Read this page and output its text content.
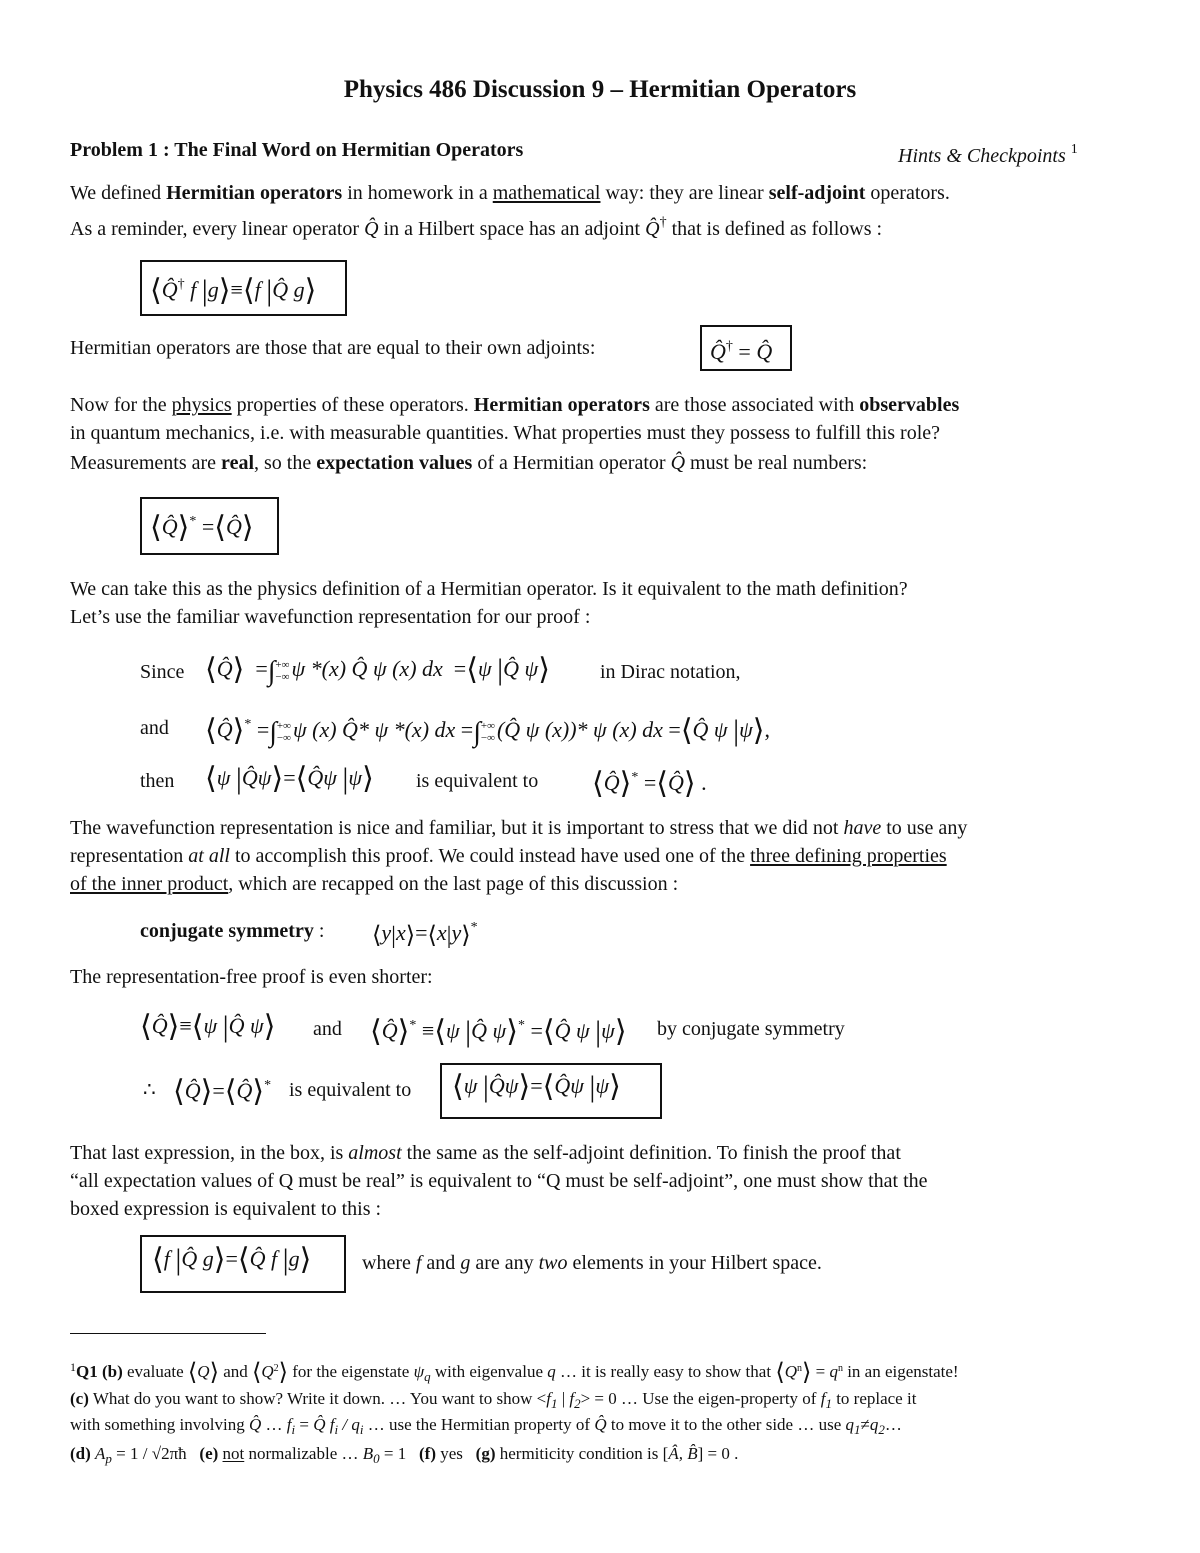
Physics 486 Discussion 9 – Hermitian Operators
Problem 1 : The Final Word on Hermitian Operators	Hints & Checkpoints $^1$
We defined Hermitian operators in homework in a mathematical way: they are linear self-adjoint operators.
As a reminder, every linear operator Q̂ in a Hilbert space has an adjoint Q̂† that is defined as follows :
⟨Q̂† f |g⟩≡⟨f |Q̂ g⟩
Hermitian operators are those that are equal to their own adjoints:	Q̂† = Q̂
Now for the physics properties of these operators. Hermitian operators are those associated with observables
in quantum mechanics, i.e. with measurable quantities. What properties must they possess to fulfill this role?
Measurements are real, so the expectation values of a Hermitian operator Q̂ must be real numbers:
⟨Q̂⟩* =⟨Q̂⟩
We can take this as the physics definition of a Hermitian operator. Is it equivalent to the math definition?
Let’s use the familiar wavefunction representation for our proof :
Since ⟨Q̂⟩ =∫+∞
−∞ψ *(x) Q̂ ψ (x) dx  =⟨ψ |Q̂ ψ⟩	in Dirac notation,
and ⟨Q̂⟩* =∫+∞
−∞ψ (x) Q̂* ψ *(x) dx =∫+∞
−∞(Q̂ ψ (x))* ψ (x) dx =⟨Q̂ ψ |ψ⟩,
then ⟨ψ |Q̂ψ⟩=⟨Q̂ψ |ψ⟩ is equivalent to ⟨Q̂⟩* =⟨Q̂⟩ .
The wavefunction representation is nice and familiar, but it is important to stress that we did not have to use any
representation at all to accomplish this proof. We could instead have used one of the three defining properties
of the inner product, which are recapped on the last page of this discussion :
conjugate symmetry : ⟨y|x⟩=⟨x|y⟩*
The representation-free proof is even shorter:
⟨Q̂⟩≡⟨ψ |Q̂ ψ⟩ and ⟨Q̂⟩* ≡⟨ψ |Q̂ ψ⟩* =⟨Q̂ ψ |ψ⟩ by conjugate symmetry
∴ ⟨Q̂⟩=⟨Q̂⟩* is equivalent to ⟨ψ |Q̂ψ⟩=⟨Q̂ψ |ψ⟩
That last expression, in the box, is almost the same as the self-adjoint definition. To finish the proof that
“all expectation values of Q must be real” is equivalent to “Q must be self-adjoint”, one must show that the
boxed expression is equivalent to this :
⟨f |Q̂ g⟩=⟨Q̂ f |g⟩	where f and g are any two elements in your Hilbert space.
$^1$Q1 (b) evaluate ⟨Q⟩ and $⟨Q^2⟩$ for the eigenstate $\psi_q$ with eigenvalue q … it is really easy to show that $⟨Q^n⟩ = q^n$ in an eigenstate!
(c) What do you want to show? Write it down. … You want to show $<f_1$ | $f_2> = 0$ … Use the eigen-property of $f_1$ to replace it
with something involving Q̂ … $f_i$ = Q̂ $f_i / q_i$ … use the Hermitian property of Q̂ to move it to the other side … use $q_1\ne q_2\dots$
(d) $A_p = 1$ / √2πħ (e) not normalizable … $B_0 = 1$ (f) yes (g) hermiticity condition is [Â, B̂] = 0 .
